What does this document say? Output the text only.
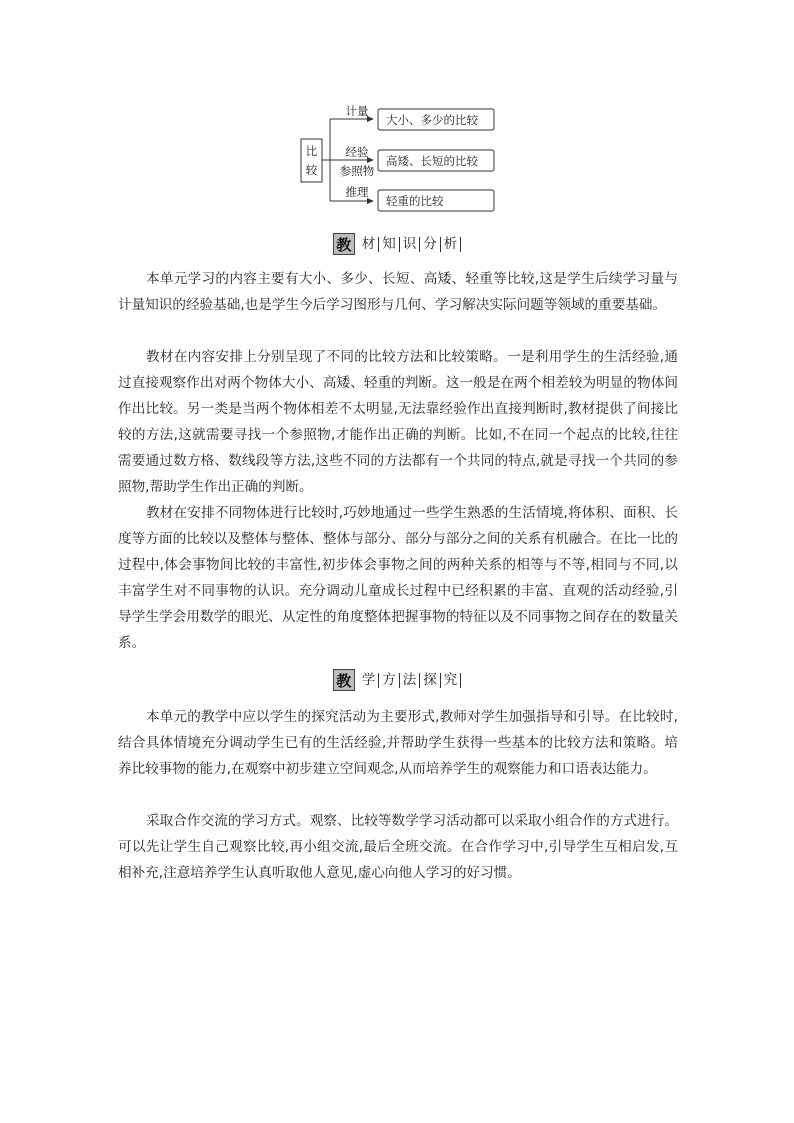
比
较
计量
大小、多少的比较
经验
参照物
高矮、长短的比较
推理
轻重的比较
教 材 知 识 分 析

本单元学习的内容主要有大小、多少、长短、高矮、轻重等比较,这是学生后续学习量与计量知识的经验基础,也是学生今后学习图形与几何、学习解决实际问题等领域的重要基础。

教材在内容安排上分别呈现了不同的比较方法和比较策略。一是利用学生的生活经验,通过直接观察作出对两个物体大小、高矮、轻重的判断。这一般是在两个相差较为明显的物体间作出比较。另一类是当两个物体相差不太明显,无法靠经验作出直接判断时,教材提供了间接比较的方法,这就需要寻找一个参照物,才能作出正确的判断。比如,不在同一个起点的比较,往往需要通过数方格、数线段等方法,这些不同的方法都有一个共同的特点,就是寻找一个共同的参照物,帮助学生作出正确的判断。

教材在安排不同物体进行比较时,巧妙地通过一些学生熟悉的生活情境,将体积、面积、长度等方面的比较以及整体与整体、整体与部分、部分与部分之间的关系有机融合。在比一比的过程中,体会事物间比较的丰富性,初步体会事物之间的两种关系的相等与不等,相同与不同,以丰富学生对不同事物的认识。充分调动儿童成长过程中已经积累的丰富、直观的活动经验,引导学生学会用数学的眼光、从定性的角度整体把握事物的特征以及不同事物之间存在的数量关系。

教 学 方 法 探 究

本单元的教学中应以学生的探究活动为主要形式,教师对学生加强指导和引导。在比较时,结合具体情境充分调动学生已有的生活经验,并帮助学生获得一些基本的比较方法和策略。培养比较事物的能力,在观察中初步建立空间观念,从而培养学生的观察能力和口语表达能力。

采取合作交流的学习方式。观察、比较等数学学习活动都可以采取小组合作的方式进行。可以先让学生自己观察比较,再小组交流,最后全班交流。在合作学习中,引导学生互相启发,互相补充,注意培养学生认真听取他人意见,虚心向他人学习的好习惯。
